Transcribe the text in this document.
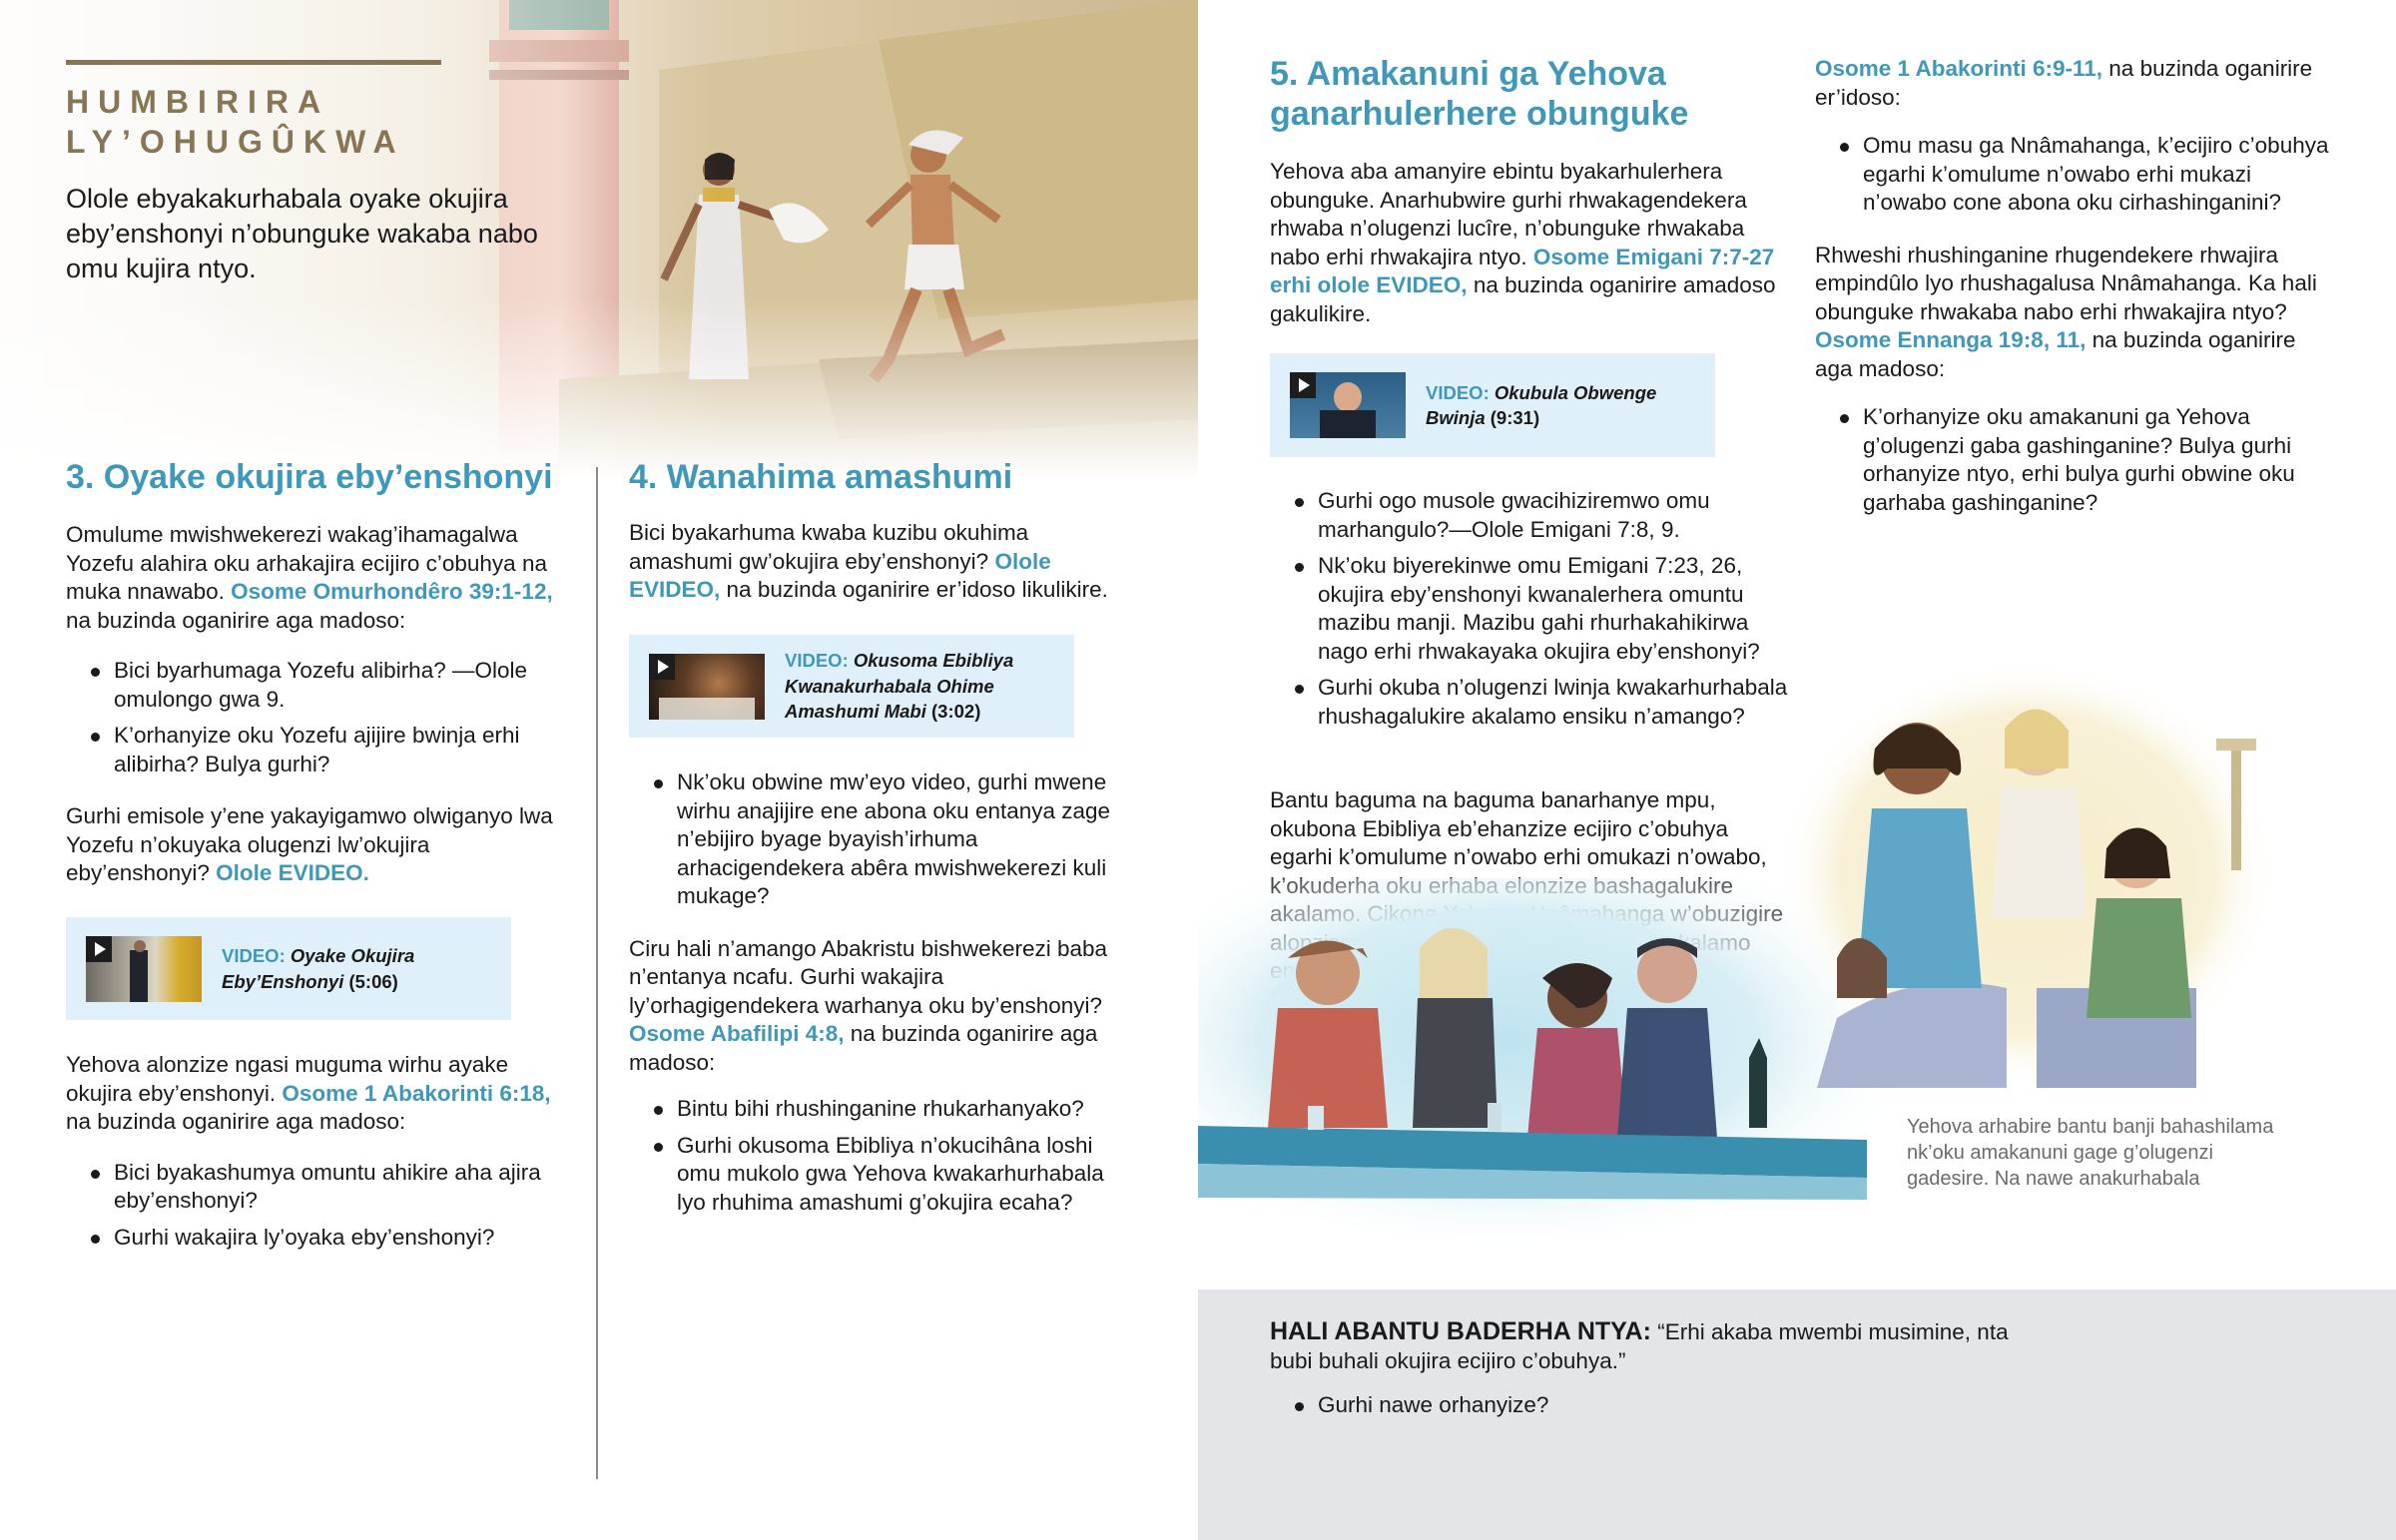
HUMBIRIRA
LY’OHUGÛKWA

Olole ebyakakurhabala oyake okujira eby’enshonyi n’obunguke wakaba nabo omu kujira ntyo.

3. Oyake okujira eby’enshonyi

Omulume mwishwekerezi wakag’ihamagalwa Yozefu alahira oku arhakajira ecijiro c’obuhya na muka nnawabo. Osome Omurhondêro 39:1-12, na buzinda oganirire aga madoso:

Bici byarhumaga Yozefu alibirha? —Olole omulongo gwa 9.
K’orhanyize oku Yozefu ajijire bwinja erhi alibirha? Bulya gurhi?

Gurhi emisole y’ene yakayigamwo olwiganyo lwa Yozefu n’okuyaka olugenzi lw’okujira eby’enshonyi? Olole EVIDEO.

VIDEO: Oyake Okujira Eby’Enshonyi (5:06)

Yehova alonzize ngasi muguma wirhu ayake okujira eby’enshonyi. Osome 1 Abakorinti 6:18, na buzinda oganirire aga madoso:

Bici byakashumya omuntu ahikire aha ajira eby’enshonyi?
Gurhi wakajira ly’oyaka eby’enshonyi?
4. Wanahima amashumi

Bici byakarhuma kwaba kuzibu okuhima amashumi gw’okujira eby’enshonyi? Olole EVIDEO, na buzinda oganirire er’idoso likulikire.

VIDEO: Okusoma Ebibliya Kwanakurhabala Ohime Amashumi Mabi (3:02)
Nk’oku obwine mw’eyo video, gurhi mwene wirhu anajijire ene abona oku entanya zage n’ebijiro byage byayish’irhuma arhacigendekera abêra mwishwekerezi kuli mukage?

Ciru hali n’amango Abakristu bishwekerezi baba n’entanya ncafu. Gurhi wakajira ly’orhagigendekera warhanya oku by’enshonyi? Osome Abafilipi 4:8, na buzinda oganirire aga madoso:

Bintu bihi rhushinganine rhukarhanyako?
Gurhi okusoma Ebibliya n’okucihâna loshi omu mukolo gwa Yehova kwakarhurhabala lyo rhuhima amashumi g’okujira ecaha?
5. Amakanuni ga Yehova ganarhulerhere obunguke

Yehova aba amanyire ebintu byakarhulerhera obunguke. Anarhubwire gurhi rhwakagendekera rhwaba n’olugenzi lucîre, n’obunguke rhwakaba nabo erhi rhwakajira ntyo. Osome Emigani 7:7-27 erhi olole EVIDEO, na buzinda oganirire amadoso gakulikire.

VIDEO: Okubula Obwenge Bwinja (9:31)
Gurhi ogo musole gwacihiziremwo omu marhangulo?—Olole Emigani 7:8, 9.
Nk’oku biyerekinwe omu Emigani 7:23, 26, okujira eby’enshonyi kwanalerhera omuntu mazibu manji. Mazibu gahi rhurhakahikirwa nago erhi rhwakayaka okujira eby’enshonyi?
Gurhi okuba n’olugenzi lwinja kwakarhurhabala rhushagalukire akalamo ensiku n’amango?

Bantu baguma na baguma banarhanye mpu, okubona Ebibliya eb’ehanzize ecijiro c’obuhya egarhi k’omulume n’owabo erhi omukazi n’owabo,

Osome 1 Abakorinti 6:9-11, na buzinda oganirire er’idoso:

Omu masu ga Nnâmahanga, k’ecijiro c’obuhya egarhi k’omulume n’owabo erhi mukazi n’owabo cone abona oku cirhashinganini?

Rhweshi rhushinganine rhugendekere rhwajira empindûlo lyo rhushagalusa Nnâmahanga. Ka hali obunguke rhwakaba nabo erhi rhwakajira ntyo? Osome Ennanga 19:8, 11, na buzinda oganirire aga madoso:

K’orhanyize oku amakanuni ga Yehova g’olugenzi gaba gashinganine? Bulya gurhi orhanyize ntyo, erhi bulya gurhi obwine oku garhaba gashinganine?
Yehova arhabire bantu banji bahashilama nk’oku amakanuni gage g’olugenzi gadesire. Na nawe anakurhabala

HALI ABANTU BADERHA NTYA: “Erhi akaba mwembi musimine, nta bubi buhali okujira ecijiro c’obuhya.”

Gurhi nawe orhanyize?
